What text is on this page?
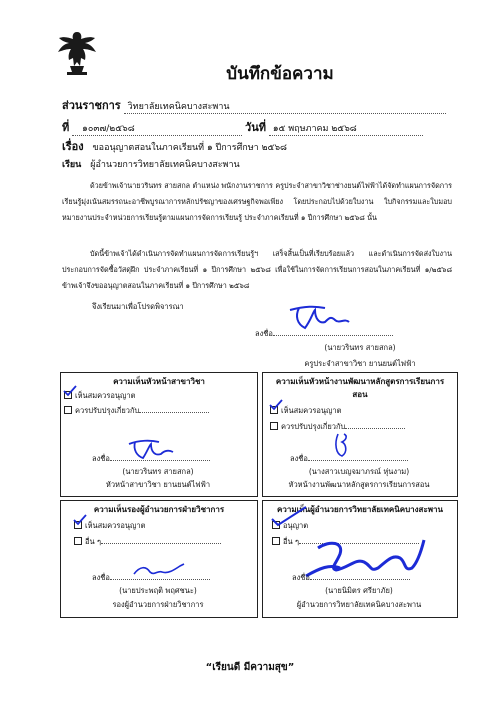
บันทึกข้อความ
ส่วนราชการ วิทยาลัยเทคนิคบางสะพาน
ที่ ๑๐๓๗/๒๕๖๘	วันที่ ๑๕ พฤษภาคม ๒๕๖๘
เรื่อง ขออนุญาตสอนในภาคเรียนที่ ๑ ปีการศึกษา ๒๕๖๘
เรียน ผู้อำนวยการวิทยาลัยเทคนิคบางสะพาน
ด้วยข้าพเจ้านายวรินทร สายสกล ตำแหน่ง พนักงานราชการ ครูประจำสาขาวิชาช่างยนต์ไฟฟ้าได้จัดทำแผนการจัดการเรียนรู้มุ่งเน้นสมรรถนะอาชีพบูรณาการหลักปรัชญาของเศรษฐกิจพอเพียง โดยประกอบไปด้วยใบงาน ใบกิจกรรมและใบมอบหมายงานประจำหน่วยการเรียนรู้ตามแผนการจัดการเรียนรู้ ประจำภาคเรียนที่ ๑ ปีการศึกษา ๒๕๖๘ นั้น
บัดนี้ข้าพเจ้าได้ดำเนินการจัดทำแผนการจัดการเรียนรู้ฯ เสร็จสิ้นเป็นที่เรียบร้อยแล้ว และดำเนินการจัดส่งใบงานประกอบการจัดซื้อวัสดุฝึก ประจำภาคเรียนที่ ๑ ปีการศึกษา ๒๕๖๘ เพื่อใช้ในการจัดการเรียนการสอนในภาคเรียนที่ ๑/๒๕๖๘ ข้าพเจ้าจึงขออนุญาตสอนในภาคเรียนที่ ๑ ปีการศึกษา ๒๕๖๘
จึงเรียนมาเพื่อโปรดพิจารณา
ลงชื่อ
(นายวรินทร สายสกล)
ครูประจำสาขาวิชา ยานยนต์ไฟฟ้า
ความเห็นหัวหน้าสาขาวิชา
เห็นสมควรอนุญาต
ควรปรับปรุงเกี่ยวกับ
ลงชื่อ
(นายวรินทร สายสกล)
หัวหน้าสาขาวิชา ยานยนต์ไฟฟ้า
ความเห็นหัวหน้างานพัฒนาหลักสูตรการเรียนการสอน
เห็นสมควรอนุญาต
ควรปรับปรุงเกี่ยวกับ
ลงชื่อ
(นางสาวเบญจมาภรณ์ หุ่นงาม)
หัวหน้างานพัฒนาหลักสูตรการเรียนการสอน
ความเห็นรองผู้อำนวยการฝ่ายวิชาการ
เห็นสมควรอนุญาต
อื่น ๆ
ลงชื่อ
(นายประพฤติ พฤศชนะ)
รองผู้อำนวยการฝ่ายวิชาการ
ความเห็นผู้อำนวยการวิทยาลัยเทคนิคบางสะพาน
อนุญาต
อื่น ๆ
ลงชื่อ
(นายนิมิตร ศรียาภัย)
ผู้อำนวยการวิทยาลัยเทคนิคบางสะพาน
“เรียนดี มีความสุข”
